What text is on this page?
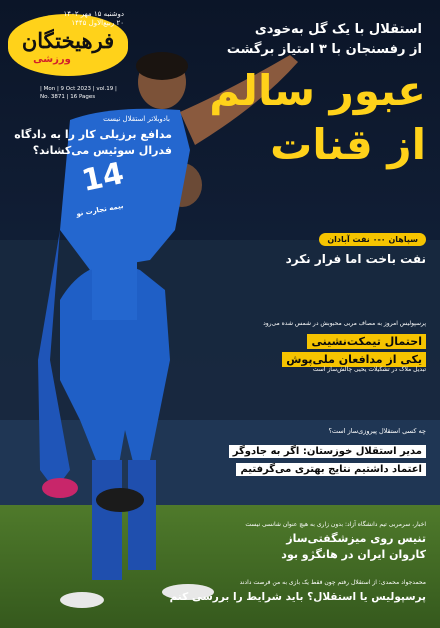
فرهیختگان
ورزشی
دوشنبه ۱۵ مهر ۱۴۰۲
۲۰ ربیع‌الاول ۱۴۴۵
| Mon | 9 Oct 2023 | vol.19 |
No. 3871 | 16 Pages
استقلال با یک گل به‌خودی
از رفسنجان با ۳ امتیاز برگشت
عبور سالم
از قنات
بادوبلاتر استقلال نیست
مدافع برزیلی کار را به دادگاه
فدرال سوئیس می‌کشاند؟
سپاهان ۰-۰ نفت آبادان
نفت باخت اما فرار نکرد
پرسپولیس امروز به مصاف مربی محبوبش در شمس شده می‌رود
احتمال تیمکت‌نشینی
یکی از مدافعان ملی‌پوش
تبدیل ملاک در تشکیلات یحیی چالش‌ساز است
چه کسی استقلال پیروزی‌ساز است؟
مدیر استقلال خوزستان: اگر به جادوگر
اعتماد داشتیم نتایج بهتری می‌گرفتیم
اخبار، سرمربی تیم دانشگاه آزاد: بدون زاری به هیچ عنوان شانسی نیست
تنیس روی میزشگفتی‌ساز
کاروان ایران در هانگژو بود
محمدجواد محمدی: از استقلال رفتم چون فقط یک بازی به من فرصت دادند
پرسپولیس یا استقلال؟ باید شرایط را بررسی کنم
14
بیمه تجارت نو
